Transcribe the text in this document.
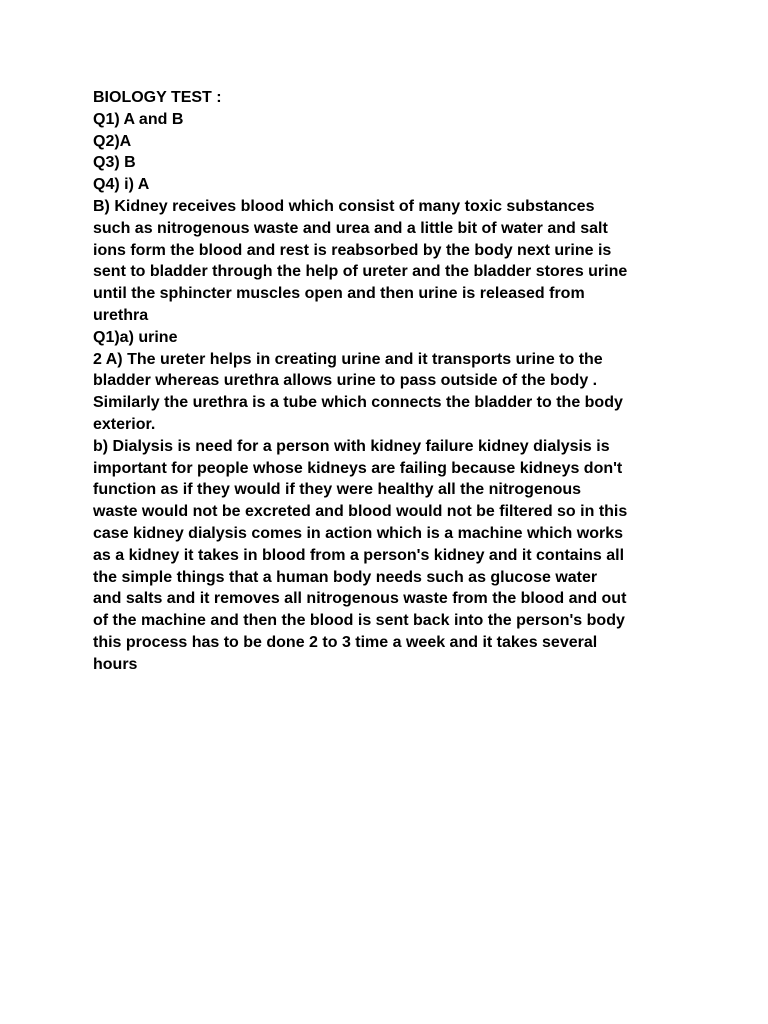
BIOLOGY TEST :
Q1) A and B
Q2)A
Q3) B
Q4) i) A
B) Kidney receives blood which consist of many toxic substances
such as nitrogenous waste and urea and a little bit of water and salt
ions form the blood and rest is reabsorbed by the body next urine is
sent to bladder through the help of ureter and the bladder stores urine
until the sphincter muscles open and then urine is released from
urethra
Q1)a) urine
2 A) The ureter helps in creating urine and it transports urine to the
bladder whereas urethra allows urine to pass outside of the body .
Similarly the urethra is a tube which connects the bladder to the body
exterior.
b) Dialysis is need for a person with kidney failure kidney dialysis is
important for people whose kidneys are failing because kidneys don't
function as if they would if they were healthy all the nitrogenous
waste would not be excreted and blood would not be filtered so in this
case kidney dialysis comes in action which is a machine which works
as a kidney it takes in blood from a person's kidney and it contains all
the simple things that a human body needs such as glucose water
and salts and it removes all nitrogenous waste from the blood and out
of the machine and then the blood is sent back into the person's body
this process has to be done 2 to 3 time a week and it takes several
hours
